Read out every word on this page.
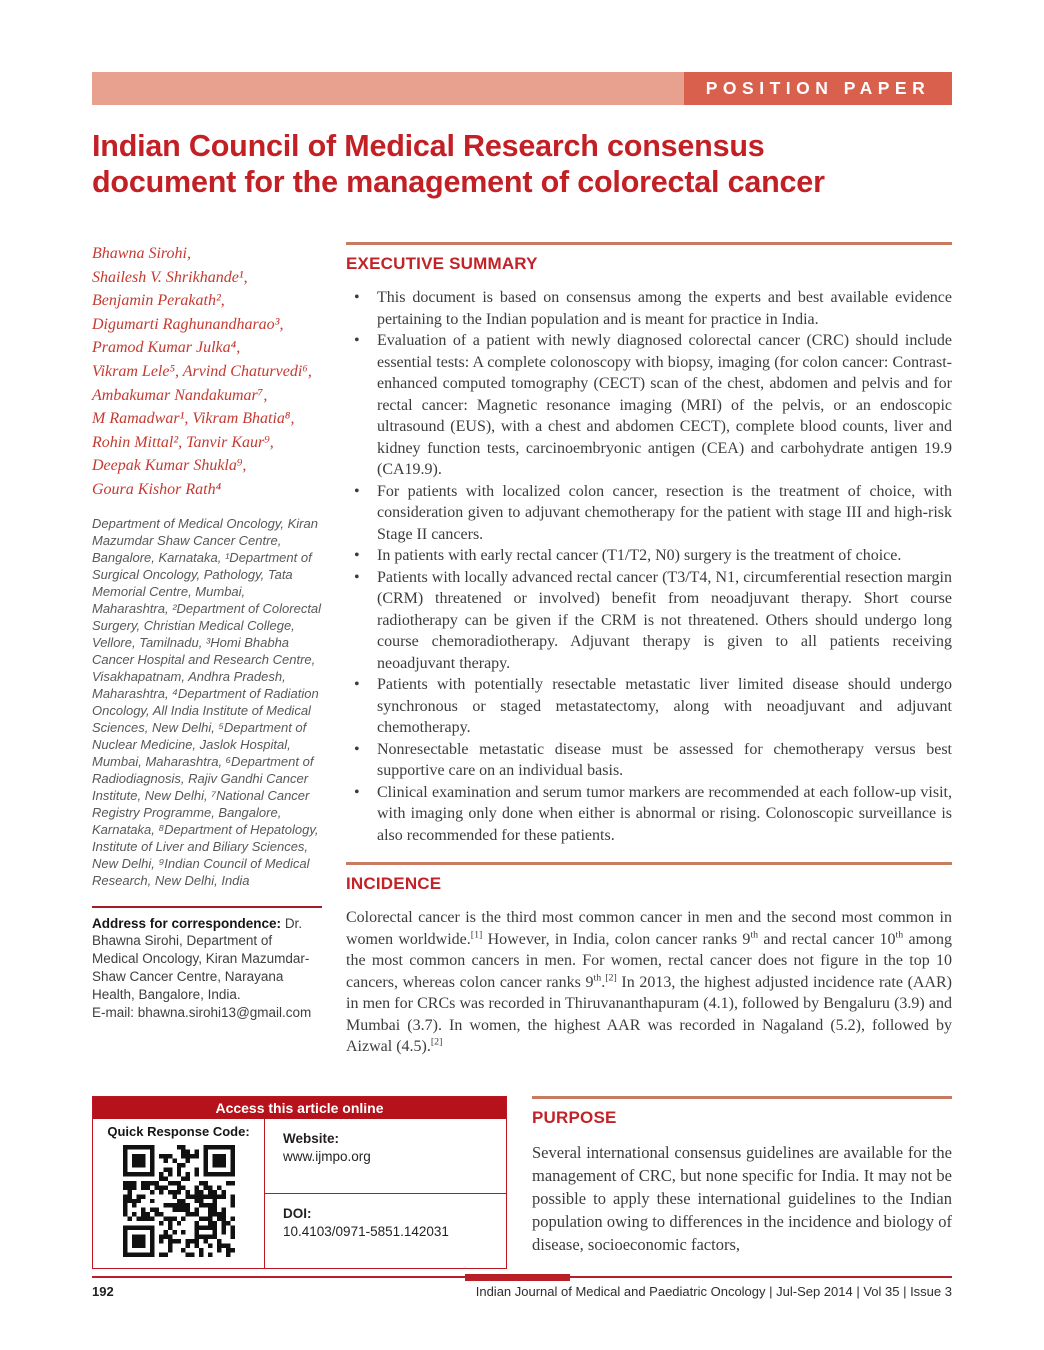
POSITION PAPER
Indian Council of Medical Research consensus
document for the management of colorectal cancer
Bhawna Sirohi,
Shailesh V. Shrikhande¹,
Benjamin Perakath²,
Digumarti Raghunandharao³,
Pramod Kumar Julka⁴,
Vikram Lele⁵, Arvind Chaturvedi⁶,
Ambakumar Nandakumar⁷,
M Ramadwar¹, Vikram Bhatia⁸,
Rohin Mittal², Tanvir Kaur⁹,
Deepak Kumar Shukla⁹,
Goura Kishor Rath⁴
Department of Medical Oncology, Kiran Mazumdar Shaw Cancer Centre, Bangalore, Karnataka, ¹Department of Surgical Oncology, Pathology, Tata Memorial Centre, Mumbai, Maharashtra, ²Department of Colorectal Surgery, Christian Medical College, Vellore, Tamilnadu, ³Homi Bhabha Cancer Hospital and Research Centre, Visakhapatnam, Andhra Pradesh, Maharashtra, ⁴Department of Radiation Oncology, All India Institute of Medical Sciences, New Delhi, ⁵Department of Nuclear Medicine, Jaslok Hospital, Mumbai, Maharashtra, ⁶Department of Radiodiagnosis, Rajiv Gandhi Cancer Institute, New Delhi, ⁷National Cancer Registry Programme, Bangalore, Karnataka, ⁸Department of Hepatology, Institute of Liver and Biliary Sciences, New Delhi, ⁹Indian Council of Medical Research, New Delhi, India
Address for correspondence: Dr. Bhawna Sirohi, Department of Medical Oncology, Kiran Mazumdar-Shaw Cancer Centre, Narayana Health, Bangalore, India.
E-mail: bhawna.sirohi13@gmail.com
EXECUTIVE SUMMARY
• This document is based on consensus among the experts and best available evidence pertaining to the Indian population and is meant for practice in India.
• Evaluation of a patient with newly diagnosed colorectal cancer (CRC) should include essential tests: A complete colonoscopy with biopsy, imaging (for colon cancer: Contrast-enhanced computed tomography (CECT) scan of the chest, abdomen and pelvis and for rectal cancer: Magnetic resonance imaging (MRI) of the pelvis, or an endoscopic ultrasound (EUS), with a chest and abdomen CECT), complete blood counts, liver and kidney function tests, carcinoembryonic antigen (CEA) and carbohydrate antigen 19.9 (CA19.9).
• For patients with localized colon cancer, resection is the treatment of choice, with consideration given to adjuvant chemotherapy for the patient with stage III and high-risk Stage II cancers.
• In patients with early rectal cancer (T1/T2, N0) surgery is the treatment of choice.
• Patients with locally advanced rectal cancer (T3/T4, N1, circumferential resection margin (CRM) threatened or involved) benefit from neoadjuvant therapy. Short course radiotherapy can be given if the CRM is not threatened. Others should undergo long course chemoradiotherapy. Adjuvant therapy is given to all patients receiving neoadjuvant therapy.
• Patients with potentially resectable metastatic liver limited disease should undergo synchronous or staged metastatectomy, along with neoadjuvant and adjuvant chemotherapy.
• Nonresectable metastatic disease must be assessed for chemotherapy versus best supportive care on an individual basis.
• Clinical examination and serum tumor markers are recommended at each follow-up visit, with imaging only done when either is abnormal or rising. Colonoscopic surveillance is also recommended for these patients.
INCIDENCE

Colorectal cancer is the third most common cancer in men and the second most common in women worldwide.[1] However, in India, colon cancer ranks 9th and rectal cancer 10th among the most common cancers in men. For women, rectal cancer does not figure in the top 10 cancers, whereas colon cancer ranks 9th.[2] In 2013, the highest adjusted incidence rate (AAR) in men for CRCs was recorded in Thiruvananthapuram (4.1), followed by Bengaluru (3.9) and Mumbai (3.7). In women, the highest AAR was recorded in Nagaland (5.2), followed by Aizwal (4.5).[2]

Access this article online
Quick Response Code:	Website:
www.ijmpo.org
DOI:
10.4103/0971-5851.142031
PURPOSE

Several international consensus guidelines are available for the management of CRC, but none specific for India. It may not be possible to apply these international guidelines to the Indian population owing to differences in the incidence and biology of disease, socioeconomic factors,

192	Indian Journal of Medical and Paediatric Oncology | Jul-Sep 2014 | Vol 35 | Issue 3
